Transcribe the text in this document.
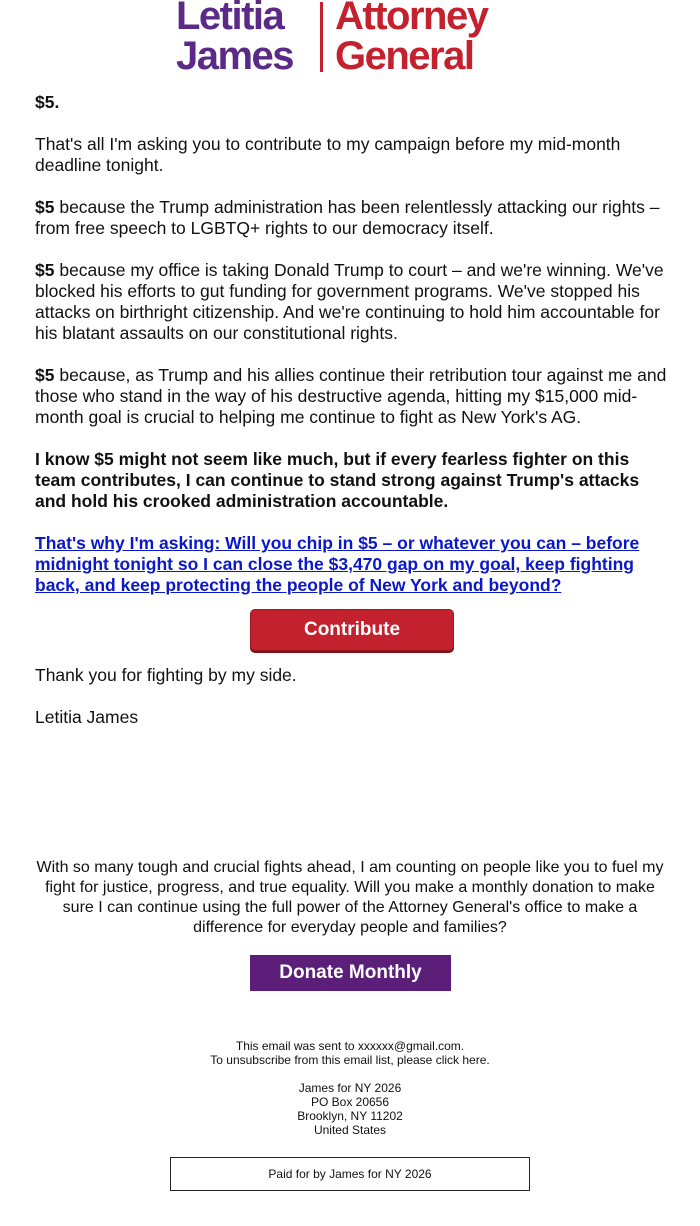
Letitia
James
Attorney
General

$5.

That's all I'm asking you to contribute to my campaign before my mid-month deadline tonight.

$5 because the Trump administration has been relentlessly attacking our rights – from free speech to LGBTQ+ rights to our democracy itself.

$5 because my office is taking Donald Trump to court – and we're winning. We've blocked his efforts to gut funding for government programs. We've stopped his attacks on birthright citizenship. And we're continuing to hold him accountable for his blatant assaults on our constitutional rights.

$5 because, as Trump and his allies continue their retribution tour against me and those who stand in the way of his destructive agenda, hitting my $15,000 mid-month goal is crucial to helping me continue to fight as New York's AG.

I know $5 might not seem like much, but if every fearless fighter on this team contributes, I can continue to stand strong against Trump's attacks and hold his crooked administration accountable.

That's why I'm asking: Will you chip in $5 – or whatever you can – before midnight tonight so I can close the $3,470 gap on my goal, keep fighting back, and keep protecting the people of New York and beyond?

Contribute

Thank you for fighting by my side.

Letitia James

With so many tough and crucial fights ahead, I am counting on people like you to fuel my fight for justice, progress, and true equality. Will you make a monthly donation to make sure I can continue using the full power of the Attorney General's office to make a difference for everyday people and families?
Donate Monthly
This email was sent to xxxxxx@gmail.com.

To unsubscribe from this email list, please click here.

James for NY 2026
PO Box 20656
Brooklyn, NY 11202
United States
Paid for by James for NY 2026
